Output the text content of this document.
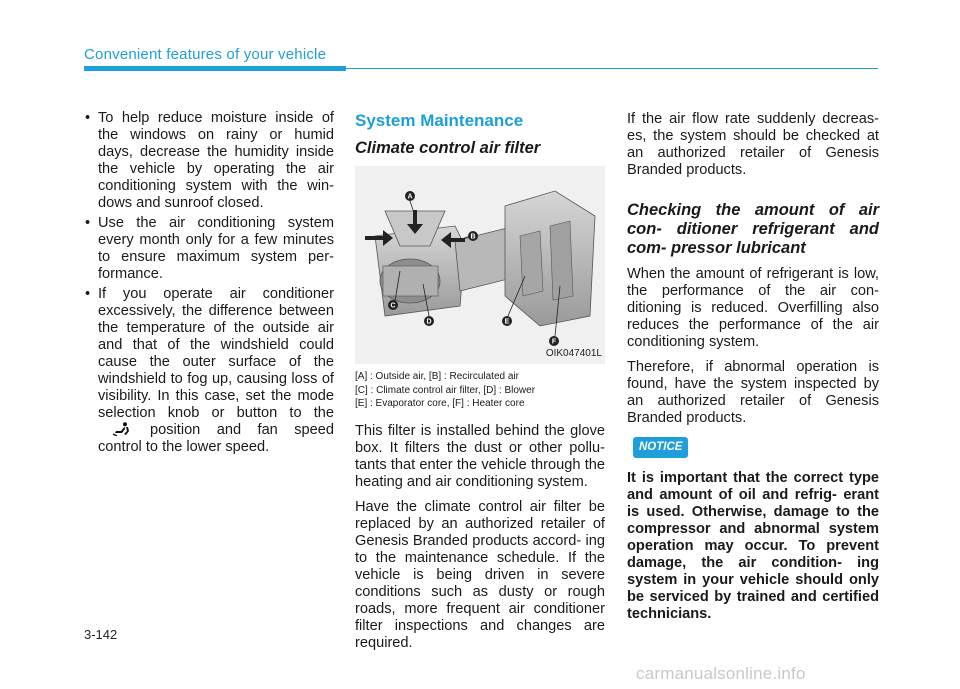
Convenient features of your vehicle
• To help reduce moisture inside of the windows on rainy or humid days, decrease the humidity inside the vehicle by operating the air conditioning system with the win- dows and sunroof closed.
• Use the air conditioning system every month only for a few minutes to ensure maximum system per- formance.
• If you operate air conditioner excessively, the difference between the temperature of the outside air and that of the windshield could cause the outer surface of the windshield to fog up, causing loss of visibility. In this case, set the mode selection knob or button to theposition and fan speed control to the lower speed.
System Maintenance
Climate control air filter
A
B
C
D	E
F
OIK047401L
[A] : Outside air, [B] : Recirculated air
[C] : Climate control air filter, [D] : Blower
[E] : Evaporator core, [F] : Heater core

This filter is installed behind the glove box. It filters the dust or other pollu- tants that enter the vehicle through the heating and air conditioning system.

Have the climate control air filter be replaced by an authorized retailer of Genesis Branded products accord- ing to the maintenance schedule. If the vehicle is being driven in severe conditions such as dusty or rough roads, more frequent air conditioner filter inspections and changes are required.

If the air flow rate suddenly decreas- es, the system should be checked at an authorized retailer of Genesis Branded products.

Checking the amount of air con- ditioner refrigerant and com- pressor lubricant

When the amount of refrigerant is low, the performance of the air con- ditioning is reduced. Overfilling also reduces the performance of the air conditioning system.

Therefore, if abnormal operation is found, have the system inspected by an authorized retailer of Genesis Branded products.

NOTICE

It is important that the correct type and amount of oil and refrig- erant is used. Otherwise, damage to the compressor and abnormal system operation may occur. To prevent damage, the air condition- ing system in your vehicle should only be serviced by trained and certified technicians.

3-142
carmanualsonline.info
